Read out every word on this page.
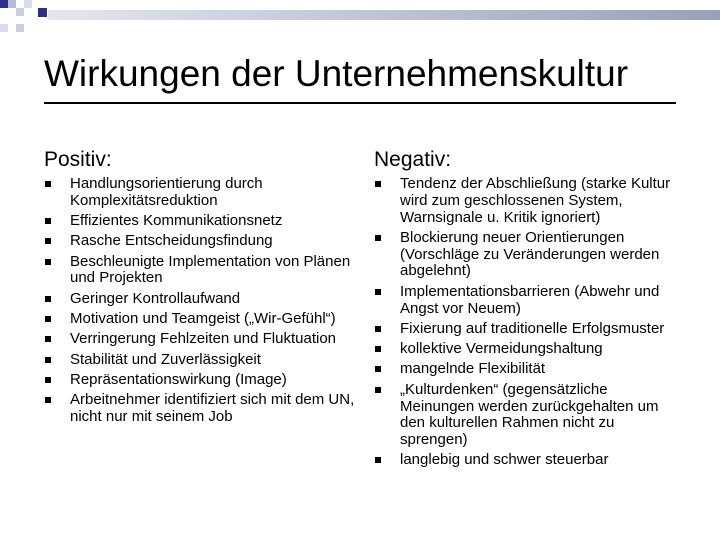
Wirkungen der Unternehmenskultur
Positiv:	Negativ:
Handlungsorientierung durch Komplexitätsreduktion
Effizientes Kommunikationsnetz
Rasche Entscheidungsfindung
Beschleunigte Implementation von Plänen und Projekten
Geringer Kontrollaufwand
Motivation und Teamgeist („Wir-Gefühl“)
Verringerung Fehlzeiten und Fluktuation
Stabilität und Zuverlässigkeit
Repräsentationswirkung (Image)
Arbeitnehmer identifiziert sich mit dem UN, nicht nur mit seinem Job
Tendenz der Abschließung (starke Kultur wird zum geschlossenen System, Warnsignale u. Kritik ignoriert)
Blockierung neuer Orientierungen (Vorschläge zu Veränderungen werden abgelehnt)
Implementationsbarrieren (Abwehr und Angst vor Neuem)
Fixierung auf traditionelle Erfolgsmuster
kollektive Vermeidungshaltung
mangelnde Flexibilität
„Kulturdenken“ (gegensätzliche Meinungen werden zurückgehalten um den kulturellen Rahmen nicht zu sprengen)
langlebig und schwer steuerbar
